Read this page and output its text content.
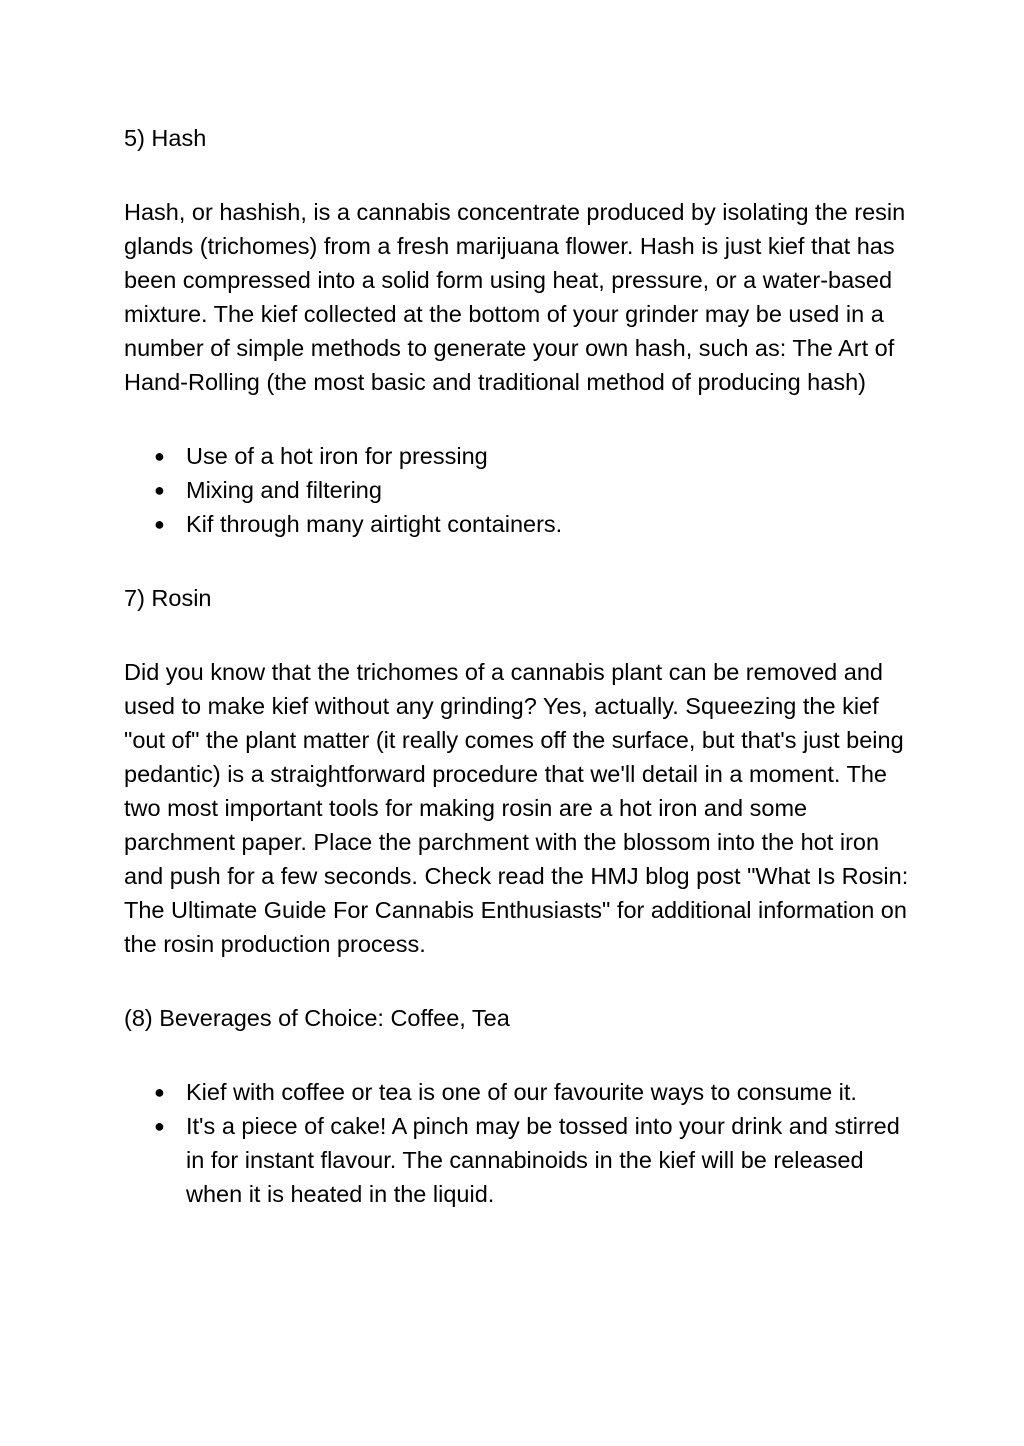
5) Hash

Hash, or hashish, is a cannabis concentrate produced by isolating the resin glands (trichomes) from a fresh marijuana flower. Hash is just kief that has been compressed into a solid form using heat, pressure, or a water-based mixture. The kief collected at the bottom of your grinder may be used in a number of simple methods to generate your own hash, such as: The Art of Hand-Rolling (the most basic and traditional method of producing hash)

● Use of a hot iron for pressing
● Mixing and filtering
● Kif through many airtight containers.

7) Rosin

Did you know that the trichomes of a cannabis plant can be removed and used to make kief without any grinding? Yes, actually. Squeezing the kief "out of" the plant matter (it really comes off the surface, but that's just being pedantic) is a straightforward procedure that we'll detail in a moment. The two most important tools for making rosin are a hot iron and some parchment paper. Place the parchment with the blossom into the hot iron and push for a few seconds. Check read the HMJ blog post "What Is Rosin: The Ultimate Guide For Cannabis Enthusiasts" for additional information on the rosin production process.

(8) Beverages of Choice: Coffee, Tea

● Kief with coffee or tea is one of our favourite ways to consume it.
● It's a piece of cake! A pinch may be tossed into your drink and stirred in for instant flavour. The cannabinoids in the kief will be released when it is heated in the liquid.
